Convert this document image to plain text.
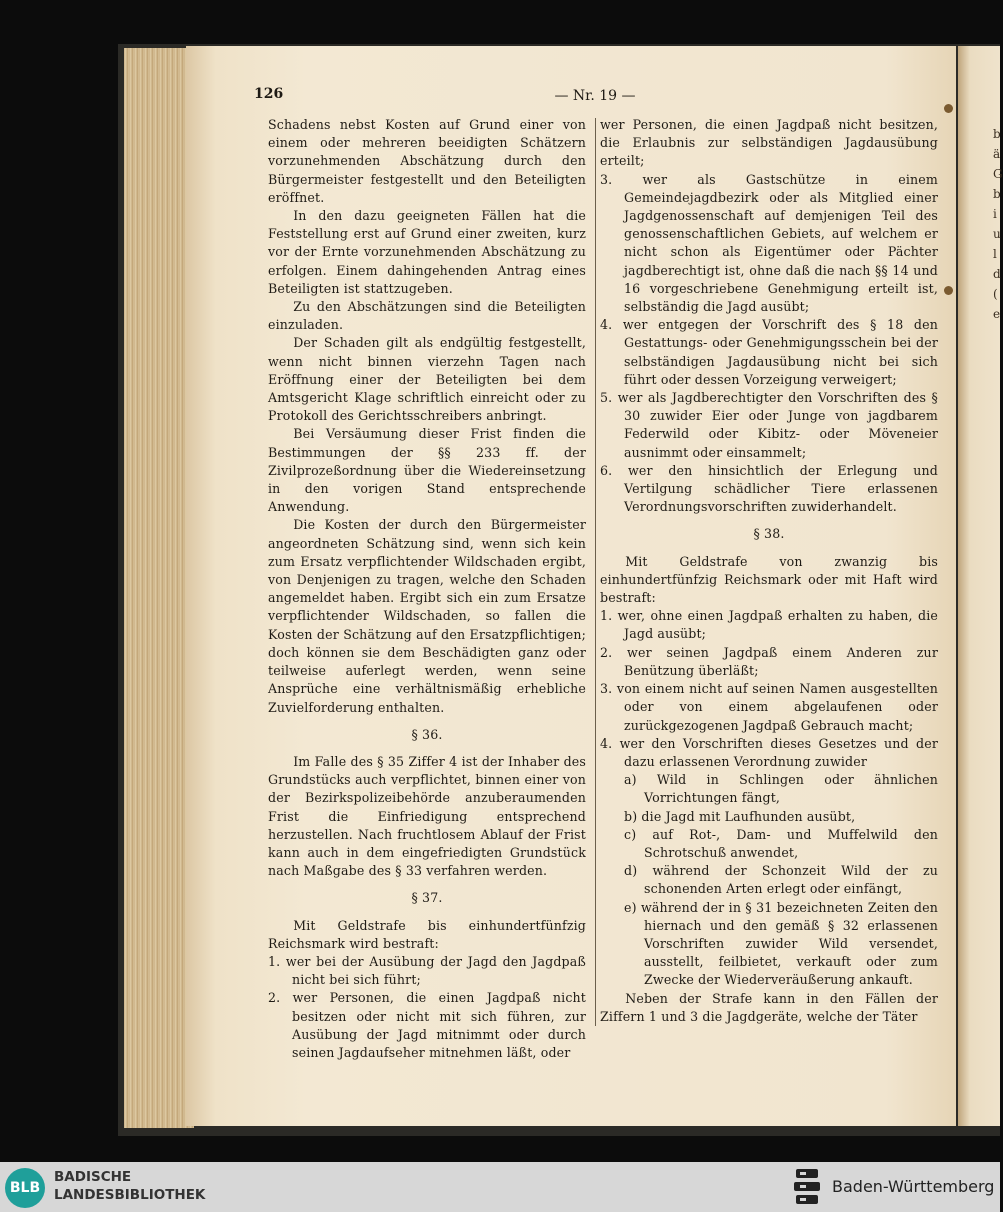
b
ä
G
b
i
u
l
d
(
e
126	— Nr. 19 —

Schadens nebst Kosten auf Grund einer von einem oder mehreren beeidigten Schätzern vorzunehmenden Abschätzung durch den Bürgermeister festgestellt und den Beteiligten eröffnet.

In den dazu geeigneten Fällen hat die Feststellung erst auf Grund einer zweiten, kurz vor der Ernte vorzunehmenden Abschätzung zu erfolgen. Einem dahingehenden Antrag eines Beteiligten ist stattzugeben.

Zu den Abschätzungen sind die Beteiligten einzuladen.

Der Schaden gilt als endgültig festgestellt, wenn nicht binnen vierzehn Tagen nach Eröffnung einer der Beteiligten bei dem Amtsgericht Klage schriftlich einreicht oder zu Protokoll des Gerichtsschreibers anbringt.

Bei Versäumung dieser Frist finden die Bestimmungen der §§ 233 ff. der Zivilprozeßordnung über die Wiedereinsetzung in den vorigen Stand entsprechende Anwendung.

Die Kosten der durch den Bürgermeister angeordneten Schätzung sind, wenn sich kein zum Ersatz verpflichtender Wildschaden ergibt, von Denjenigen zu tragen, welche den Schaden angemeldet haben. Ergibt sich ein zum Ersatze verpflichtender Wildschaden, so fallen die Kosten der Schätzung auf den Ersatzpflichtigen; doch können sie dem Beschädigten ganz oder teilweise auferlegt werden, wenn seine Ansprüche eine verhältnismäßig erhebliche Zuvielforderung enthalten.

§ 36.

Im Falle des § 35 Ziffer 4 ist der Inhaber des Grundstücks auch verpflichtet, binnen einer von der Bezirkspolizeibehörde anzuberaumenden Frist die Einfriedigung entsprechend herzustellen. Nach fruchtlosem Ablauf der Frist kann auch in dem eingefriedigten Grundstück nach Maßgabe des § 33 verfahren werden.

§ 37.

Mit Geldstrafe bis einhundertfünfzig Reichsmark wird bestraft:

1. wer bei der Ausübung der Jagd den Jagdpaß nicht bei sich führt;

2. wer Personen, die einen Jagdpaß nicht besitzen oder nicht mit sich führen, zur Ausübung der Jagd mitnimmt oder durch seinen Jagdaufseher mitnehmen läßt, oder

wer Personen, die einen Jagdpaß nicht besitzen, die Erlaubnis zur selbständigen Jagdausübung erteilt;

3. wer als Gastschütze in einem Gemeindejagdbezirk oder als Mitglied einer Jagdgenossenschaft auf demjenigen Teil des genossenschaftlichen Gebiets, auf welchem er nicht schon als Eigentümer oder Pächter jagdberechtigt ist, ohne daß die nach §§ 14 und 16 vorgeschriebene Genehmigung erteilt ist, selbständig die Jagd ausübt;

4. wer entgegen der Vorschrift des § 18 den Gestattungs- oder Genehmigungsschein bei der selbständigen Jagdausübung nicht bei sich führt oder dessen Vorzeigung verweigert;

5. wer als Jagdberechtigter den Vorschriften des § 30 zuwider Eier oder Junge von jagdbarem Federwild oder Kibitz- oder Möveneier ausnimmt oder einsammelt;

6. wer den hinsichtlich der Erlegung und Vertilgung schädlicher Tiere erlassenen Verordnungsvorschriften zuwiderhandelt.

§ 38.

Mit Geldstrafe von zwanzig bis einhundertfünfzig Reichsmark oder mit Haft wird bestraft:

1. wer, ohne einen Jagdpaß erhalten zu haben, die Jagd ausübt;

2. wer seinen Jagdpaß einem Anderen zur Benützung überläßt;

3. von einem nicht auf seinen Namen ausgestellten oder von einem abgelaufenen oder zurückgezogenen Jagdpaß Gebrauch macht;

4. wer den Vorschriften dieses Gesetzes und der dazu erlassenen Verordnung zuwider

a) Wild in Schlingen oder ähnlichen Vorrichtungen fängt,

b) die Jagd mit Laufhunden ausübt,

c) auf Rot-, Dam- und Muffelwild den Schrotschuß anwendet,

d) während der Schonzeit Wild der zu schonenden Arten erlegt oder einfängt,

e) während der in § 31 bezeichneten Zeiten den hiernach und den gemäß § 32 erlassenen Vorschriften zuwider Wild versendet, ausstellt, feilbietet, verkauft oder zum Zwecke der Wiederveräußerung ankauft.

Neben der Strafe kann in den Fällen der Ziffern 1 und 3 die Jagdgeräte, welche der Täter

BLB
BADISCHE
LANDESBIBLIOTHEK	Baden-Württemberg
